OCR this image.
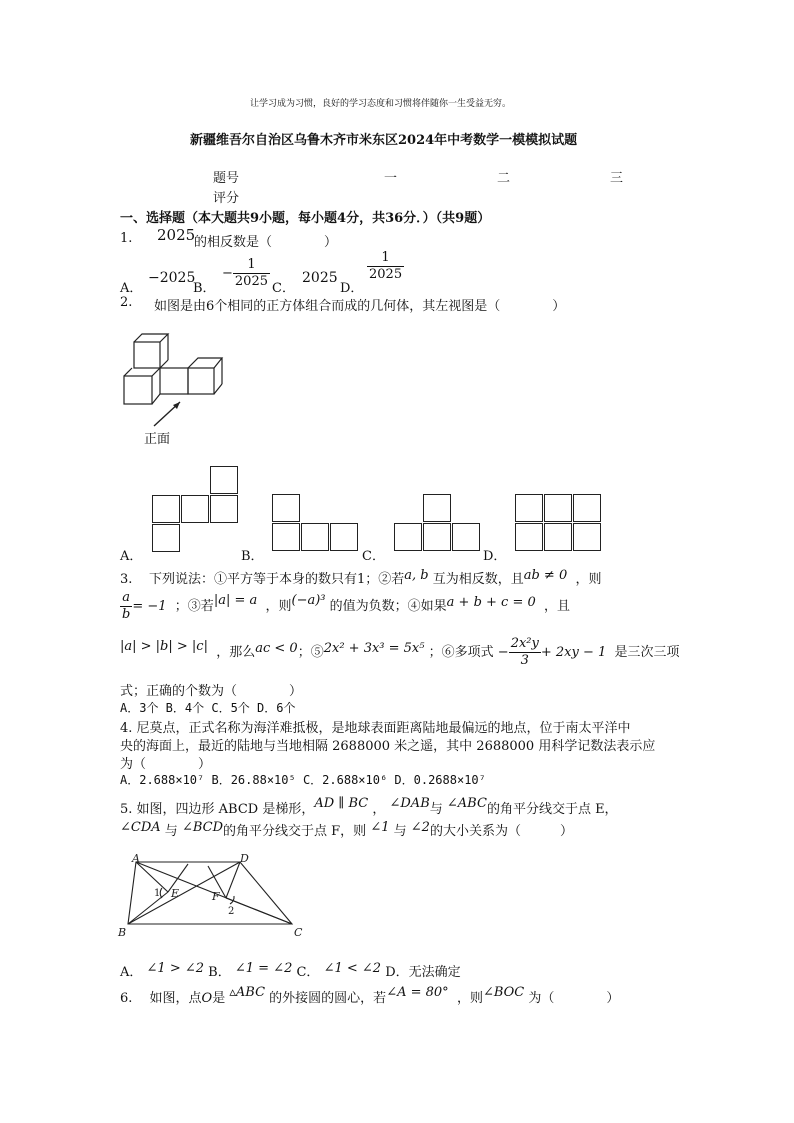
让学习成为习惯，良好的学习态度和习惯将伴随你一生受益无穷。
新疆维吾尔自治区乌鲁木齐市米东区2024年中考数学一模模拟试题
题号	一	二	三
评分
一、选择题（本大题共9小题，每小题4分，共36分．）（共9题）
1. 2025
的相反数是（　　　　）
A．
−2025
B．
− $\frac{1}{2025}$ C．
2025
D．
$\frac{1}{2025}$
2. 如图是由6个相同的正方体组合而成的几何体，其左视图是（　　　　）
正面
A．	B．	C．	D．
3. 下列说法：①平方等于本身的数只有1；②若a, b 互为相反数，且ab ≠ 0 ，则
$\frac{a}{b} = -1$ ；③若|a| = a ，则(−a)³ 的值为负数；④如果a + b + c = 0 ，且
|a| > |b| > |c| ，那么ac < 0；⑤2x² + 3x³ = 5x⁵ ；⑥多项式 − $\frac{\text{2x²y}}{3} + 2xy - 1$ 是三次三项
式；正确的个数为（　　　　）
A．3个 B．4个 C．5个 D．6个
4. 尼莫点，正式名称为海洋难抵极，是地球表面距离陆地最偏远的地点，位于南太平洋中
央的海面上，最近的陆地与当地相隔 2688000 米之遥，其中 2688000 用科学记数法表示应
为（　　　　）
A．2.688×10⁷ B．26.88×10⁵ C．2.688×10⁶ D．0.2688×10⁷
5. 如图，四边形 ABCD 是梯形，AD ∥ BC ， ∠DAB与 ∠ABC的角平分线交于点 E，
∠CDA 与 ∠BCD的角平分线交于点 F，则 ∠1 与 ∠2的大小关系为（　　　）
A	D
B	C
E	F
1
2
A． ∠1 > ∠2 B． ∠1 = ∠2 C． ∠1 < ∠2 D．无法确定
6.　 如图，点O是 ▵ABC 的外接圆的圆心，若∠A = 80° ，则∠BOC 为（　　　　）
